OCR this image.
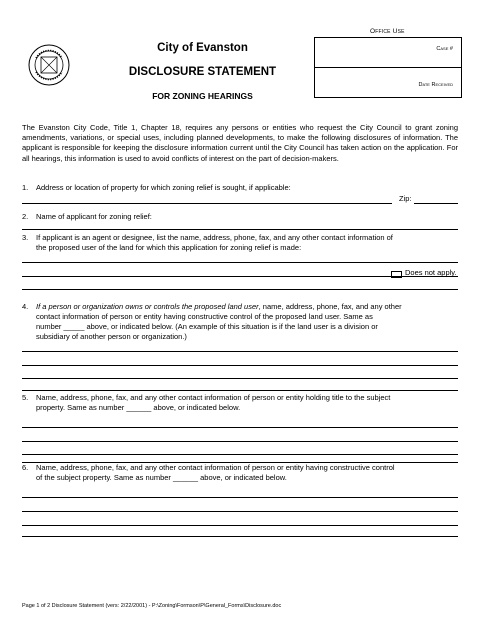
City of Evanston
DISCLOSURE STATEMENT
FOR ZONING HEARINGS
Office Use
Case #
Date Received
The Evanston City Code, Title 1, Chapter 18, requires any persons or entities who request the City Council to grant zoning amendments, variations, or special uses, including planned developments, to make the following disclosures of information. The applicant is responsible for keeping the disclosure information current until the City Council has taken action on the application. For all hearings, this information is used to avoid conflicts of interest on the part of decision-makers.
1. Address or location of property for which zoning relief is sought, if applicable:
Zip:
2. Name of applicant for zoning relief:
3. If applicant is an agent or designee, list the name, address, phone, fax, and any other contact information of
the proposed user of the land for which this application for zoning relief is made:
Does not apply.
4. If a person or organization owns or controls the proposed land user, name, address, phone, fax, and any other
contact information of person or entity having constructive control of the proposed land user. Same as
number _____ above, or indicated below. (An example of this situation is if the land user is a division or
subsidiary of another person or organization.)
5. Name, address, phone, fax, and any other contact information of person or entity holding title to the subject
property. Same as number ______ above, or indicated below.
6. Name, address, phone, fax, and any other contact information of person or entity having constructive control
of the subject property. Same as number ______ above, or indicated below.
Page 1 of 2 Disclosure Statement (vers: 2/22/2001) - P:\Zoning\Formson\P\General_Forms\Disclosure.doc
